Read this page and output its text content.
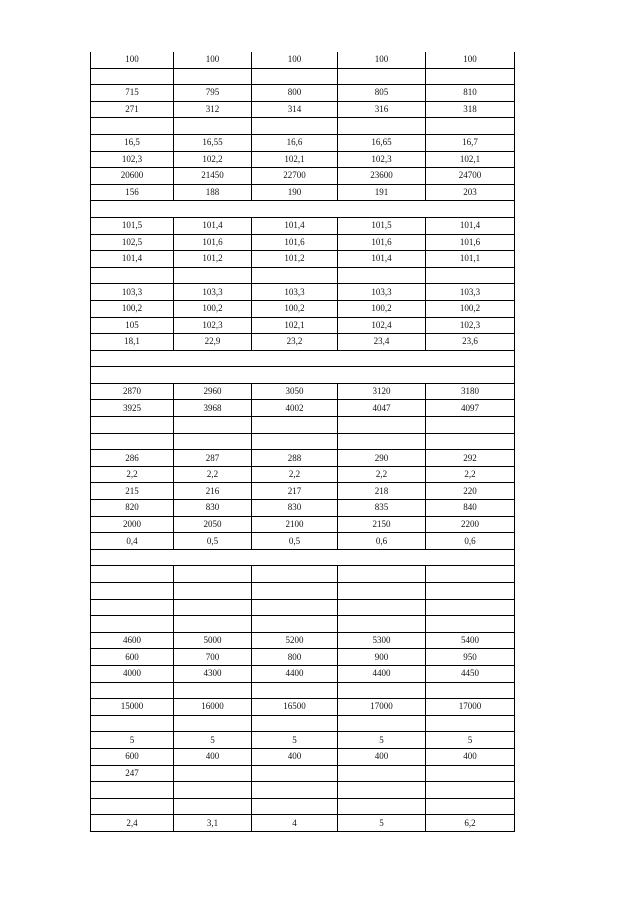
100	100	100	100	100

715	795	800	805	810
271	312	314	316	318

16,5	16,55	16,6	16,65	16,7
102,3	102,2	102,1	102,3	102,1
20600	21450	22700	23600	24700
156	188	190	191	203

101,5	101,4	101,4	101,5	101,4
102,5	101,6	101,6	101,6	101,6
101,4	101,2	101,2	101,4	101,1

103,3	103,3	103,3	103,3	103,3
100,2	100,2	100,2	100,2	100,2
105	102,3	102,1	102,4	102,3
18,1	22,9	23,2	23,4	23,6

2870	2960	3050	3120	3180
3925	3968	4002	4047	4097

286	287	288	290	292
2,2	2,2	2,2	2,2	2,2
215	216	217	218	220
820	830	830	835	840
2000	2050	2100	2150	2200
0,4	0,5	0,5	0,6	0,6

4600	5000	5200	5300	5400
600	700	800	900	950
4000	4300	4400	4400	4450

15000	16000	16500	17000	17000

5	5	5	5	5
600	400	400	400	400
247				

2,4	3,1	4	5	6,2
